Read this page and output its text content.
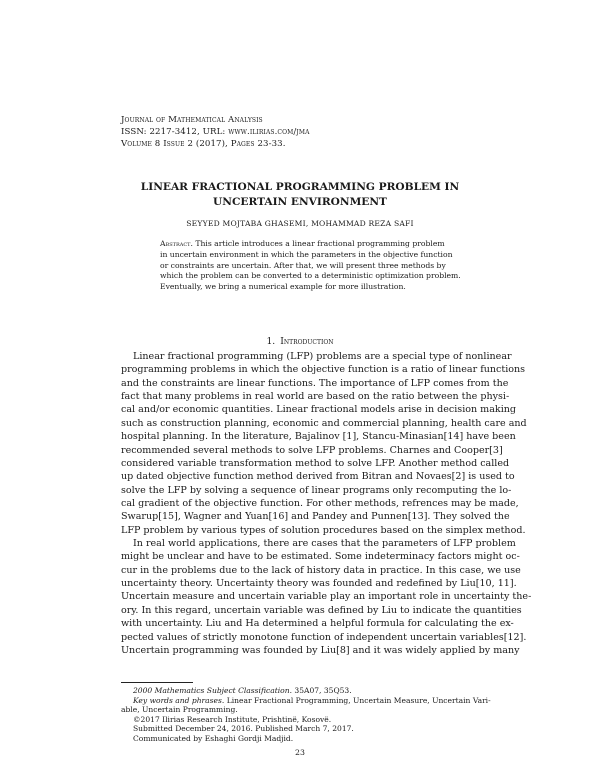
Journal of Mathematical Analysis
ISSN: 2217-3412, URL: www.ilirias.com/jma
Volume 8 Issue 2 (2017), Pages 23-33.
LINEAR FRACTIONAL PROGRAMMING PROBLEM IN
UNCERTAIN ENVIRONMENT
SEYYED MOJTABA GHASEMI, MOHAMMAD REZA SAFI
Abstract. This article introduces a linear fractional programming problem
in uncertain environment in which the parameters in the objective function
or constraints are uncertain. After that, we will present three methods by
which the problem can be converted to a deterministic optimization problem.
Eventually, we bring a numerical example for more illustration.
1. Introduction
Linear fractional programming (LFP) problems are a special type of nonlinear
programming problems in which the objective function is a ratio of linear functions
and the constraints are linear functions. The importance of LFP comes from the
fact that many problems in real world are based on the ratio between the physi-
cal and/or economic quantities. Linear fractional models arise in decision making
such as construction planning, economic and commercial planning, health care and
hospital planning. In the literature, Bajalinov [1], Stancu-Minasian[14] have been
recommended several methods to solve LFP problems. Charnes and Cooper[3]
considered variable transformation method to solve LFP. Another method called
up dated objective function method derived from Bitran and Novaes[2] is used to
solve the LFP by solving a sequence of linear programs only recomputing the lo-
cal gradient of the objective function. For other methods, refrences may be made,
Swarup[15], Wagner and Yuan[16] and Pandey and Punnen[13]. They solved the
LFP problem by various types of solution procedures based on the simplex method.
In real world applications, there are cases that the parameters of LFP problem
might be unclear and have to be estimated. Some indeterminacy factors might oc-
cur in the problems due to the lack of history data in practice. In this case, we use
uncertainty theory. Uncertainty theory was founded and redefined by Liu[10, 11].
Uncertain measure and uncertain variable play an important role in uncertainty the-
ory. In this regard, uncertain variable was defined by Liu to indicate the quantities
with uncertainty. Liu and Ha determined a helpful formula for calculating the ex-
pected values of strictly monotone function of independent uncertain variables[12].
Uncertain programming was founded by Liu[8] and it was widely applied by many
2000 Mathematics Subject Classification. 35A07, 35Q53.
Key words and phrases. Linear Fractional Programming, Uncertain Measure, Uncertain Vari-
able, Uncertain Programming.
©2017 Ilirias Research Institute, Prishtinë, Kosovë.
Submitted December 24, 2016. Published March 7, 2017.
Communicated by Eshaghi Gordji Madjid.
23
